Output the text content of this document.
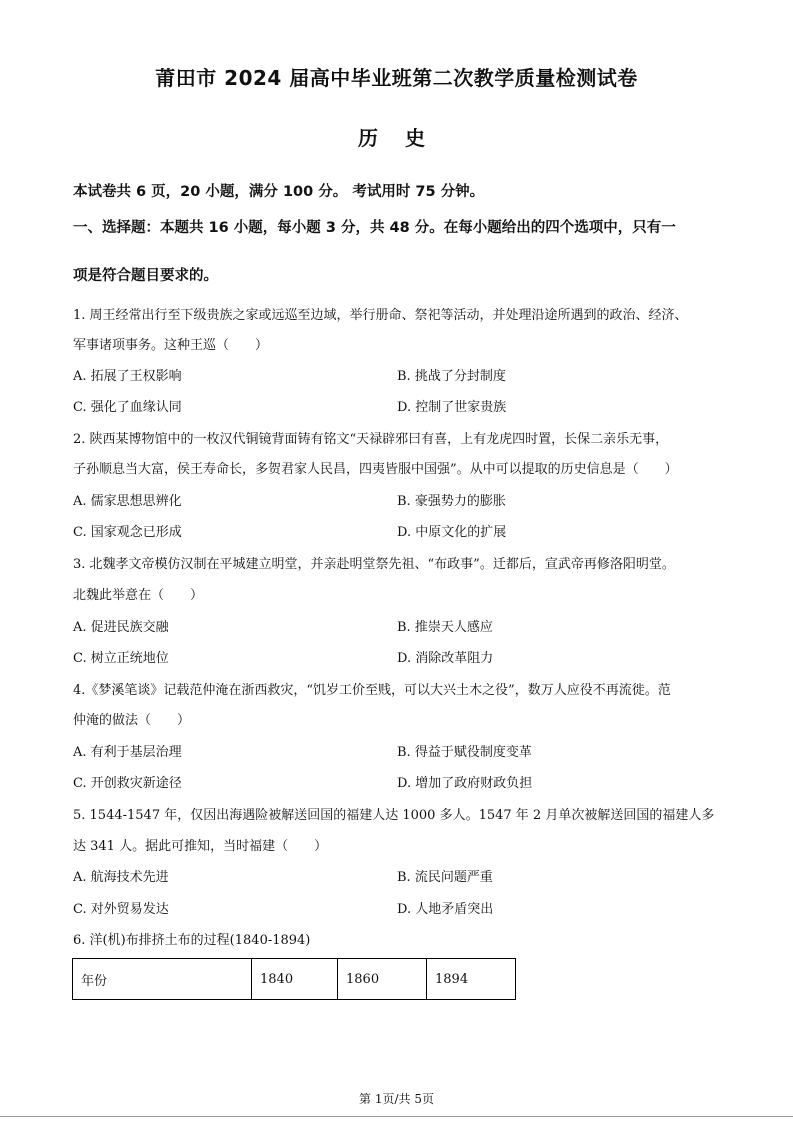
莆田市 2024 届高中毕业班第二次教学质量检测试卷
历 史
本试卷共 6 页，20 小题，满分 100 分。 考试用时 75 分钟。
一、选择题：本题共 16 小题，每小题 3 分，共 48 分。在每小题给出的四个选项中，只有一
项是符合题目要求的。
1. 周王经常出行至下级贵族之家或远巡至边域，举行册命、祭祀等活动，并处理沿途所遇到的政治、经济、
军事诸项事务。这种王巡（　　）
A. 拓展了王权影响	B. 挑战了分封制度
C. 强化了血缘认同	D. 控制了世家贵族
2. 陕西某博物馆中的一枚汉代铜镜背面铸有铭文“天禄辟邪曰有喜，上有龙虎四时置，长保二亲乐无事，
子孙顺息当大富，侯王寿命长，多贺君家人民昌，四夷皆服中国强”。从中可以提取的历史信息是（　　）
A. 儒家思想思辨化	B. 豪强势力的膨胀
C. 国家观念已形成	D. 中原文化的扩展
3. 北魏孝文帝模仿汉制在平城建立明堂，并亲赴明堂祭先祖、“布政事”。迁都后，宣武帝再修洛阳明堂。
北魏此举意在（　　）
A. 促进民族交融	B. 推崇天人感应
C. 树立正统地位	D. 消除改革阻力
4.《梦溪笔谈》记载范仲淹在浙西救灾，“饥岁工价至贱，可以大兴土木之役”，数万人应役不再流徙。范
仲淹的做法（　　）
A. 有利于基层治理	B. 得益于赋役制度变革
C. 开创救灾新途径	D. 增加了政府财政负担
5. 1544-1547 年，仅因出海遇险被解送回国的福建人达 1000 多人。1547 年 2 月单次被解送回国的福建人多
达 341 人。据此可推知，当时福建（　　）
A. 航海技术先进	B. 流民问题严重
C. 对外贸易发达	D. 人地矛盾突出
6. 洋(机)布排挤土布的过程(1840-1894)
年份	1840	1860	1894
第 1页/共 5页
